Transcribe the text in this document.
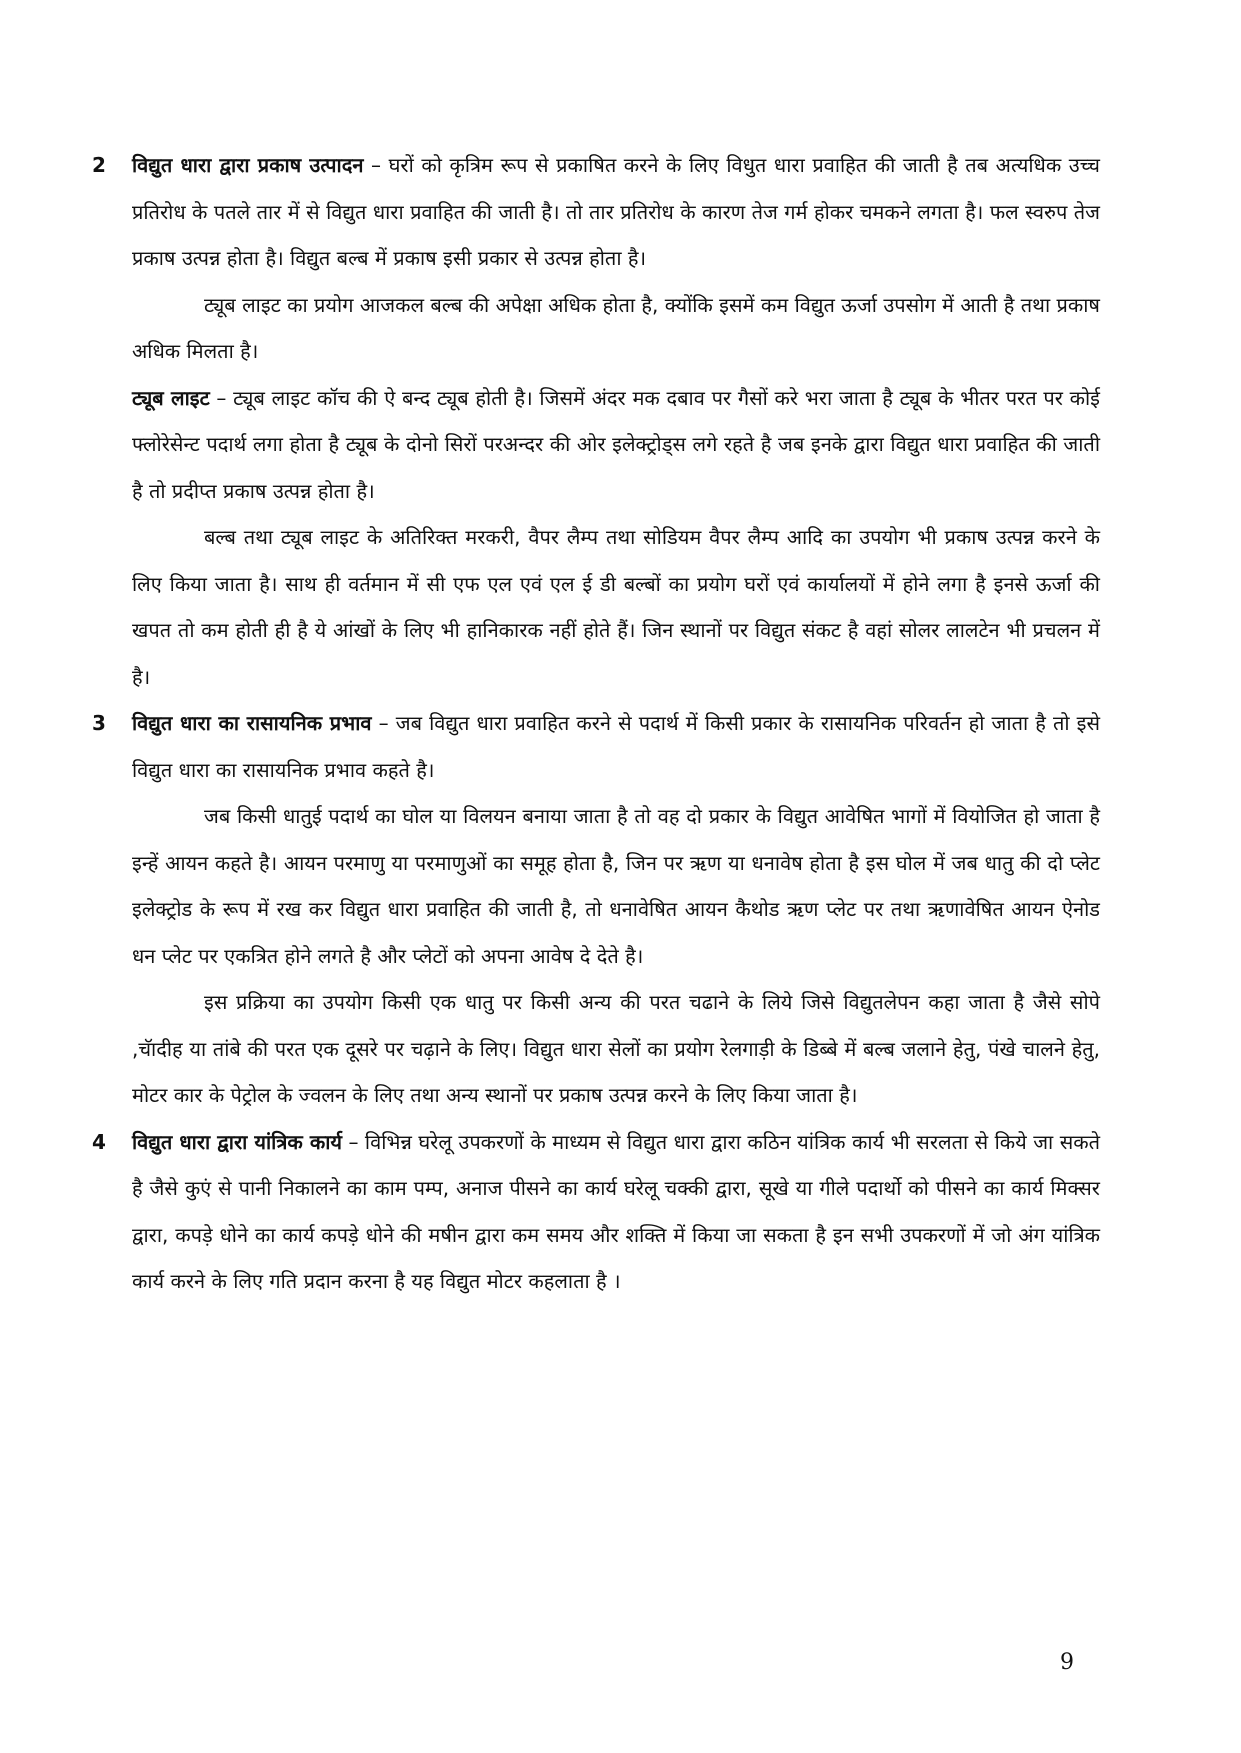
2 विद्युत धारा द्वारा प्रकाष उत्पादन – घरों को कृत्रिम रूप से प्रकाषित करने के लिए विधुत धारा प्रवाहित की जाती है तब अत्यधिक उच्च प्रतिरोध के पतले तार में से विद्युत धारा प्रवाहित की जाती है। तो तार प्रतिरोध के कारण तेज गर्म होकर चमकने लगता है। फल स्वरुप तेज प्रकाष उत्पन्न होता है। विद्युत बल्ब में प्रकाष इसी प्रकार से उत्पन्न होता है।

ट्यूब लाइट का प्रयोग आजकल बल्ब की अपेक्षा अधिक होता है, क्योंकि इसमें कम विद्युत ऊर्जा उपसोग में आती है तथा प्रकाष अधिक मिलता है।

ट्यूब लाइट – ट्यूब लाइट कॉच की ऐ बन्द ट्यूब होती है। जिसमें अंदर मक दबाव पर गैसों करे भरा जाता है ट्यूब के भीतर परत पर कोई फ्लोरेसेन्ट पदार्थ लगा होता है ट्यूब के दोनो सिरों परअन्दर की ओर इलेक्ट्रोड्स लगे रहते है जब इनके द्वारा विद्युत धारा प्रवाहित की जाती है तो प्रदीप्त प्रकाष उत्पन्न होता है।

बल्ब तथा ट्यूब लाइट के अतिरिक्त मरकरी, वैपर लैम्प तथा सोडियम वैपर लैम्प आदि का उपयोग भी प्रकाष उत्पन्न करने के लिए किया जाता है। साथ ही वर्तमान में सी एफ एल एवं एल ई डी बल्बों का प्रयोग घरों एवं कार्यालयों में होने लगा है इनसे ऊर्जा की खपत तो कम होती ही है ये आंखों के लिए भी हानिकारक नहीं होते हैं। जिन स्थानों पर विद्युत संकट है वहां सोलर लालटेन भी प्रचलन में है।

3 विद्युत धारा का रासायनिक प्रभाव – जब विद्युत धारा प्रवाहित करने से पदार्थ में किसी प्रकार के रासायनिक परिवर्तन हो जाता है तो इसे विद्युत धारा का रासायनिक प्रभाव कहते है।

जब किसी धातुई पदार्थ का घोल या विलयन बनाया जाता है तो वह दो प्रकार के विद्युत आवेषित भागों में वियोजित हो जाता है इन्हें आयन कहते है। आयन परमाणु या परमाणुओं का समूह होता है, जिन पर ऋण या धनावेष होता है इस घोल में जब धातु की दो प्लेट इलेक्ट्रोड के रूप में रख कर विद्युत धारा प्रवाहित की जाती है, तो धनावेषित आयन कैथोड ऋण प्लेट पर तथा ऋणावेषित आयन ऐनोड धन प्लेट पर एकत्रित होने लगते है और प्लेटों को अपना आवेष दे देते है।

इस प्रक्रिया का उपयोग किसी एक धातु पर किसी अन्य की परत चढाने के लिये जिसे विद्युतलेपन कहा जाता है जैसे सोपे ,चॅादीह या तांबे की परत एक दूसरे पर चढ़ाने के लिए। विद्युत धारा सेलों का प्रयोग रेलगाड़ी के डिब्बे में बल्ब जलाने हेतु, पंखे चालने हेतु, मोटर कार के पेट्रोल के ज्वलन के लिए तथा अन्य स्थानों पर प्रकाष उत्पन्न करने के लिए किया जाता है।

4 विद्युत धारा द्वारा यांत्रिक कार्य – विभिन्न घरेलू उपकरणों के माध्यम से विद्युत धारा द्वारा कठिन यांत्रिक कार्य भी सरलता से किये जा सकते है जैसे कुएं से पानी निकालने का काम पम्प, अनाज पीसने का कार्य घरेलू चक्की द्वारा, सूखे या गीले पदार्थो को पीसने का कार्य मिक्सर द्वारा, कपड़े धोने का कार्य कपड़े धोने की मषीन द्वारा कम समय और शक्ति में किया जा सकता है इन सभी उपकरणों में जो अंग यांत्रिक कार्य करने के लिए गति प्रदान करना है यह विद्युत मोटर कहलाता है ।

9
